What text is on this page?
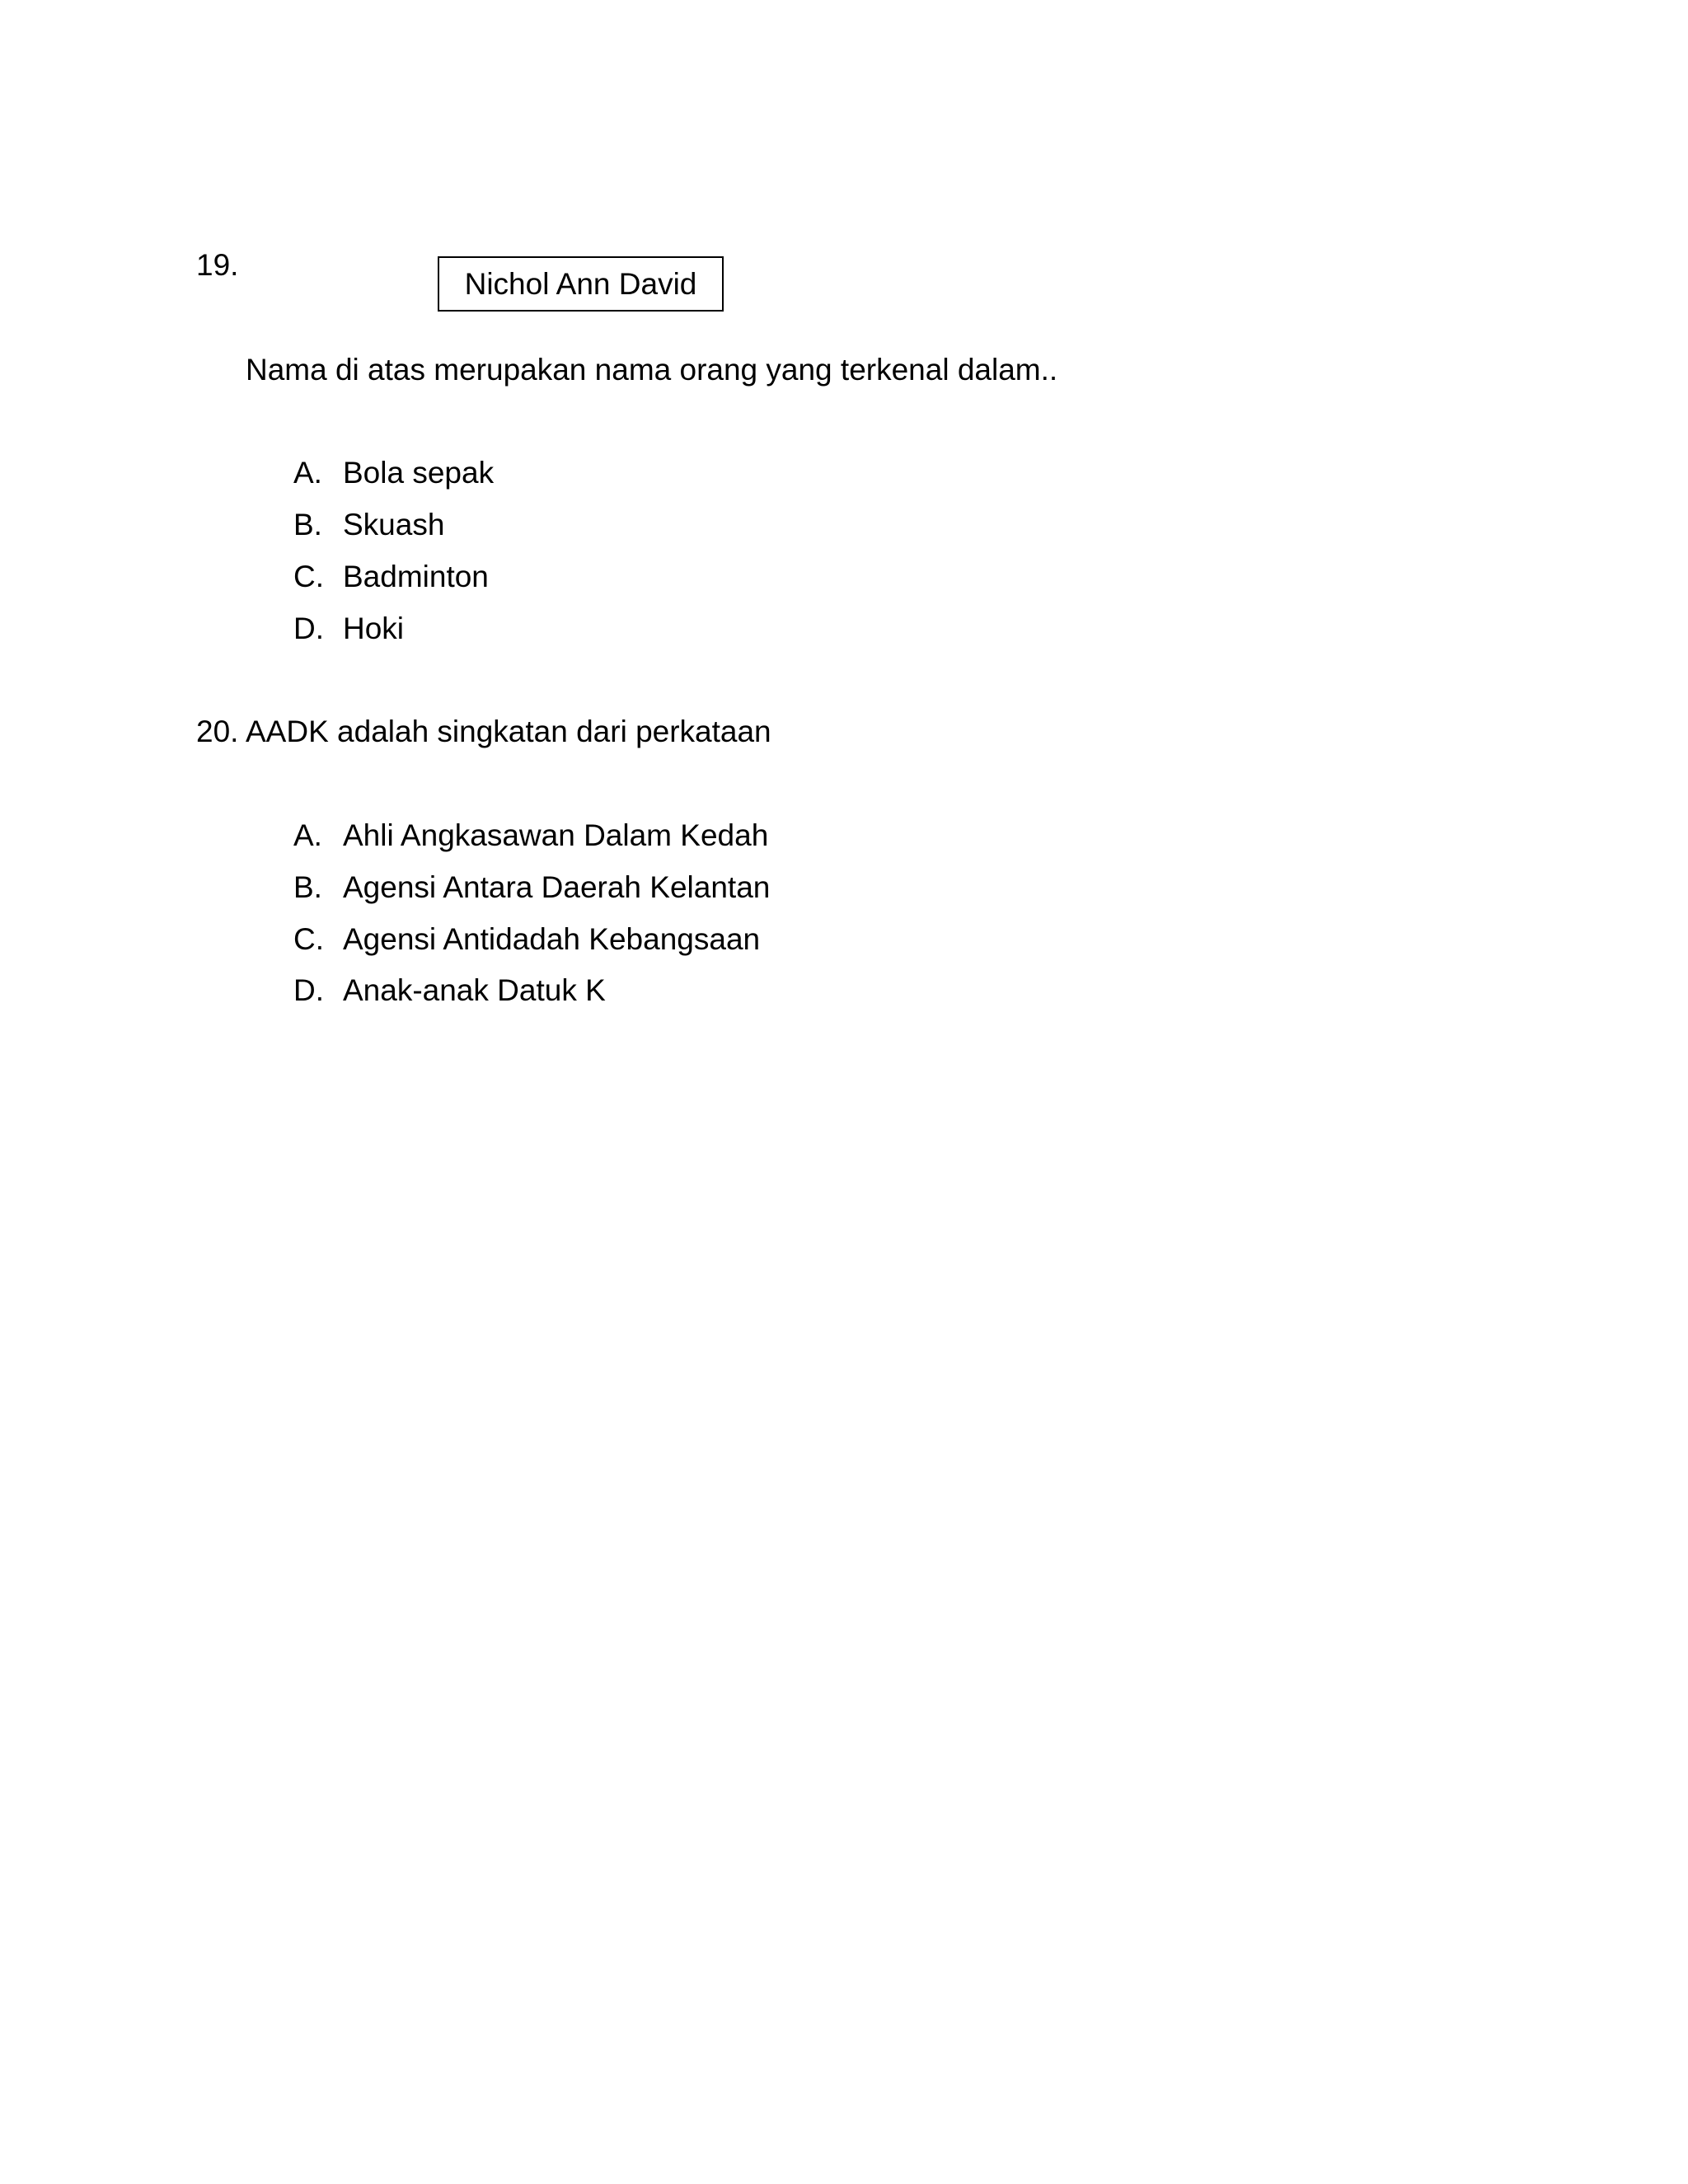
19.
Nichol Ann David
Nama di atas merupakan nama orang yang terkenal dalam..
A. Bola sepak
B. Skuash
C. Badminton
D. Hoki
20. AADK adalah singkatan dari perkataan
A. Ahli Angkasawan Dalam Kedah
B. Agensi Antara Daerah Kelantan
C. Agensi Antidadah Kebangsaan
D. Anak-anak Datuk K
